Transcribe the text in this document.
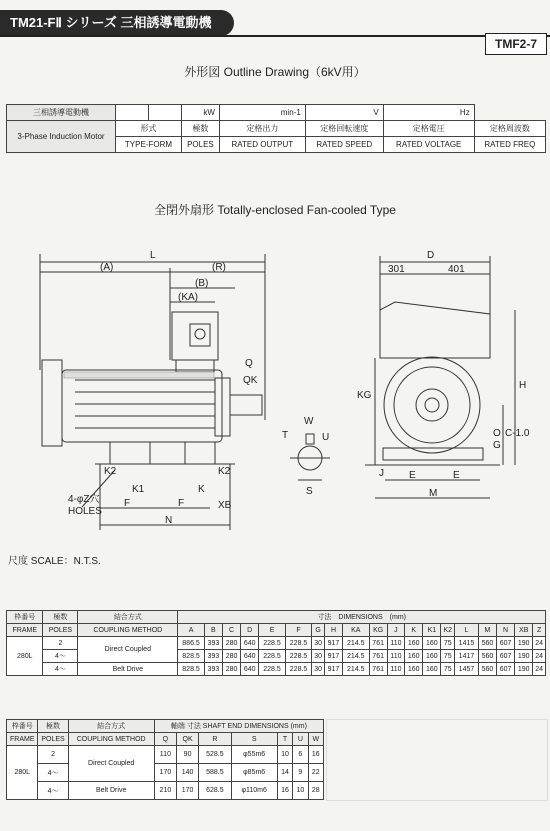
TM21-FⅡ シリーズ 三相誘導電動機
TMF2-7
外形図 Outline Drawing（6kV用）
三相誘導電動機			kW	min-1	V	Hz	
3-Phase Induction Motor	形式		極数	定格出力	定格回転速度	定格電圧	定格周波数
	TYPE-FORM		POLES	RATED OUTPUT	RATED SPEED	RATED VOLTAGE	RATED FREQ
全閉外扇形 Totally-enclosed Fan-cooled Type
L
(A)	(R)
(B)
(KA)
Q
QK
K2	K2
K1	K
XB
4-φZ穴
HOLES
F	F
N
W
T	U
S
D
301	401
KG
H
G
O C-1.0
J	E	E
M
尺度 SCALE：N.T.S.
枠番号	極数	結合方式	寸法　 DIMENSIONS　 (mm)																		
FRAME	POLES	COUPLING METHOD	A	B	C	D	E	F	G	H	KA	KG	J	K	K1	K2	L	M	N	XB	Z
280L	2	Direct Coupled	886.5	393	280	640	228.5	228.5	30	917	214.5	761	110	160	160	75	1415	560	607	190	24
	4〜		828.5	393	280	640	228.5	228.5	30	917	214.5	761	110	160	160	75	1417	560	607	190	24
	4〜	Belt Drive	828.5	393	280	640	228.5	228.5	30	917	214.5	761	110	160	160	75	1457	560	607	190	24
枠番号	極数	結合方式	軸端 寸法 SHAFT END DIMENSIONS (mm)						
FRAME	POLES	COUPLING METHOD	Q	QK	R	S	T	U	W
280L	2	Direct Coupled	110	90	528.5	φ55m6	10	6	16
	4〜		170	140	588.5	φ85m6	14	9	22
	4〜	Belt Drive	210	170	628.5	φ110m6	16	10	28
